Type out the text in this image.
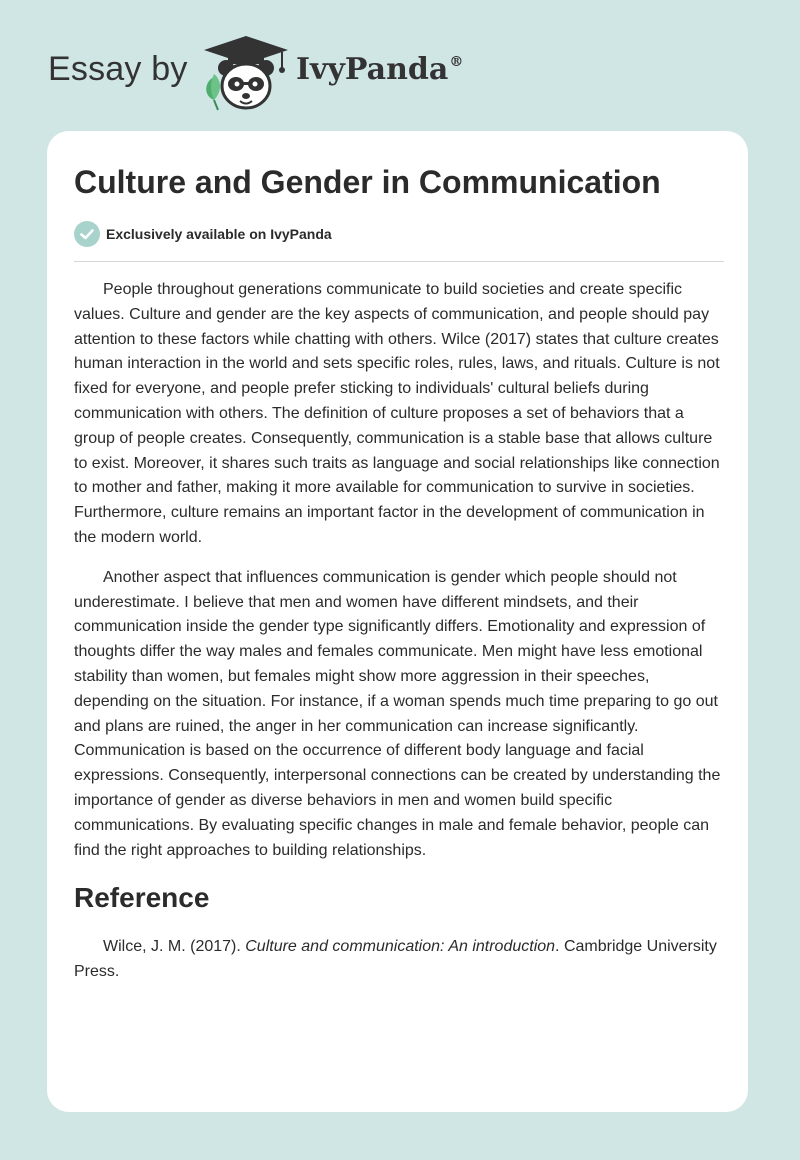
Essay by	IvyPanda®
Culture and Gender in Communication
Exclusively available on IvyPanda

People throughout generations communicate to build societies and create specific values. Culture and gender are the key aspects of communication, and people should pay attention to these factors while chatting with others. Wilce (2017) states that culture creates human interaction in the world and sets specific roles, rules, laws, and rituals. Culture is not fixed for everyone, and people prefer sticking to individuals' cultural beliefs during communication with others. The definition of culture proposes a set of behaviors that a group of people creates. Consequently, communication is a stable base that allows culture to exist. Moreover, it shares such traits as language and social relationships like connection to mother and father, making it more available for communication to survive in societies. Furthermore, culture remains an important factor in the development of communication in the modern world.

Another aspect that influences communication is gender which people should not underestimate. I believe that men and women have different mindsets, and their communication inside the gender type significantly differs. Emotionality and expression of thoughts differ the way males and females communicate. Men might have less emotional stability than women, but females might show more aggression in their speeches, depending on the situation. For instance, if a woman spends much time preparing to go out and plans are ruined, the anger in her communication can increase significantly. Communication is based on the occurrence of different body language and facial expressions. Consequently, interpersonal connections can be created by understanding the importance of gender as diverse behaviors in men and women build specific communications. By evaluating specific changes in male and female behavior, people can find the right approaches to building relationships.

Reference

Wilce, J. M. (2017). Culture and communication: An introduction. Cambridge University Press.
